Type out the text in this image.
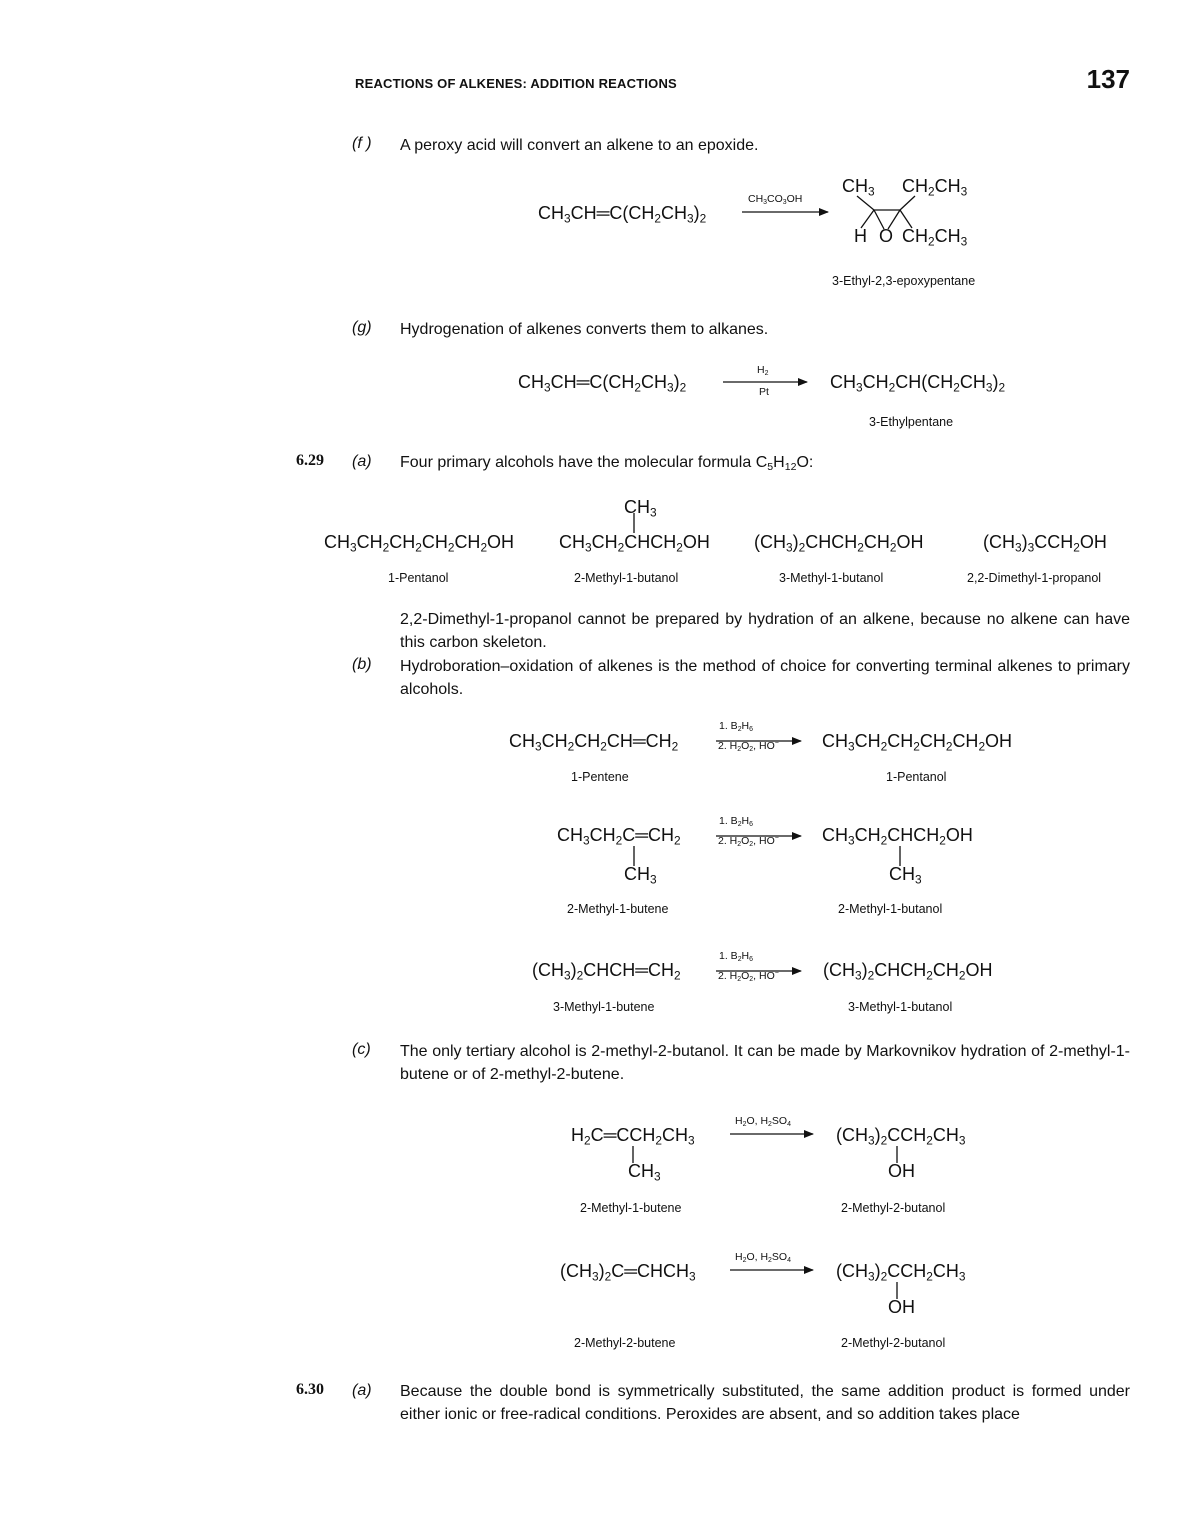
REACTIONS OF ALKENES: ADDITION REACTIONS	137
(f ) A peroxy acid will convert an alkene to an epoxide.
$CH_3CH═C(CH_2CH_3)_2$
$CH_3CO_3OH$
$CH_3$ $CH_2CH_3$
H O $CH_2CH_3$
3-Ethyl-2,3-epoxypentane
(g) Hydrogenation of alkenes converts them to alkanes.
$CH_3CH═C(CH_2CH_3)_2$
$H_2$
Pt	$CH_3CH_2CH(CH_2CH_3)_2$
3-Ethylpentane
6.29 (a) Four primary alcohols have the molecular formula $C_5H_{12}O$:
$CH_3$
$CH_3CH_2CH_2CH_2CH_2OH$ $CH_3CH_2CHCH_2OH$ $(CH_3)_2CHCH_2CH_2OH$	$(CH_3)_3CCH_2OH$
1-Pentanol	2-Methyl-1-butanol	3-Methyl-1-butanol	2,2-Dimethyl-1-propanol
2,2-Dimethyl-1-propanol cannot be prepared by hydration of an alkene, because no alkene can have this carbon skeleton.
(b) Hydroboration–oxidation of alkenes is the method of choice for converting terminal alkenes to primary alcohols.
$CH_3CH_2CH_2CH═CH_2$
1. $B_2H_6$
2. $H_2O_2$, HO− $CH_3CH_2CH_2CH_2CH_2OH$
1-Pentene	1-Pentanol
$CH_3CH_2C═CH_2$
$CH_3$
1. $B_2H_6$
2. $H_2O_2$, HO− $CH_3CH_2CHCH_2OH$
$CH_3$
2-Methyl-1-butene	2-Methyl-1-butanol
$(CH_3)_2CHCH═CH_2$
1. $B_2H_6$
2. $H_2O_2$, HO− $(CH_3)_2CHCH_2CH_2OH$
3-Methyl-1-butene	3-Methyl-1-butanol
(c) The only tertiary alcohol is 2-methyl-2-butanol. It can be made by Markovnikov hydration of 2-methyl-1-butene or of 2-methyl-2-butene.
$H_2C═CCH_2CH_3$
$CH_3$
$H_2O$, $H_2SO_4$
$(CH_3)_2CCH_2CH_3$
OH
2-Methyl-1-butene	2-Methyl-2-butanol
$(CH_3)_2C═CHCH_3$
$H_2O$, $H_2SO_4$
$(CH_3)_2CCH_2CH_3$
OH
2-Methyl-2-butene	2-Methyl-2-butanol
6.30 (a) Because the double bond is symmetrically substituted, the same addition product is formed under either ionic or free-radical conditions. Peroxides are absent, and so addition takes place
